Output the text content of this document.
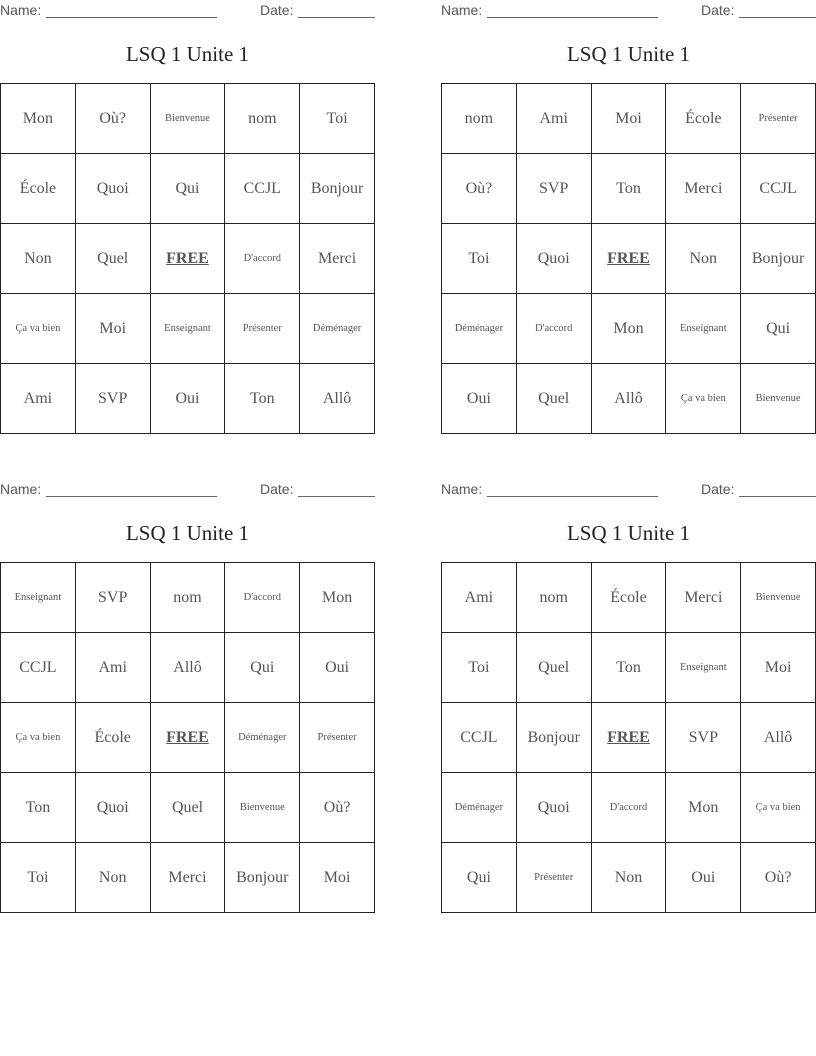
Name:	Date:
LSQ 1 Unite 1
Mon	Où?	Bienvenue	nom	Toi
École	Quoi	Qui	CCJL	Bonjour
Non	Quel	FREE	D'accord	Merci
Ça va bien	Moi	Enseignant	Présenter	Déménager
Ami	SVP	Oui	Ton	Allô
Name:	Date:
LSQ 1 Unite 1
nom	Ami	Moi	École	Présenter
Où?	SVP	Ton	Merci	CCJL
Toi	Quoi	FREE	Non	Bonjour
Déménager	D'accord	Mon	Enseignant	Qui
Oui	Quel	Allô	Ça va bien	Bienvenue
Name:	Date:
LSQ 1 Unite 1
Enseignant	SVP	nom	D'accord	Mon
CCJL	Ami	Allô	Qui	Oui
Ça va bien	École	FREE	Déménager	Présenter
Ton	Quoi	Quel	Bienvenue	Où?
Toi	Non	Merci	Bonjour	Moi
Name:	Date:
LSQ 1 Unite 1
Ami	nom	École	Merci	Bienvenue
Toi	Quel	Ton	Enseignant	Moi
CCJL	Bonjour	FREE	SVP	Allô
Déménager	Quoi	D'accord	Mon	Ça va bien
Qui	Présenter	Non	Oui	Où?
